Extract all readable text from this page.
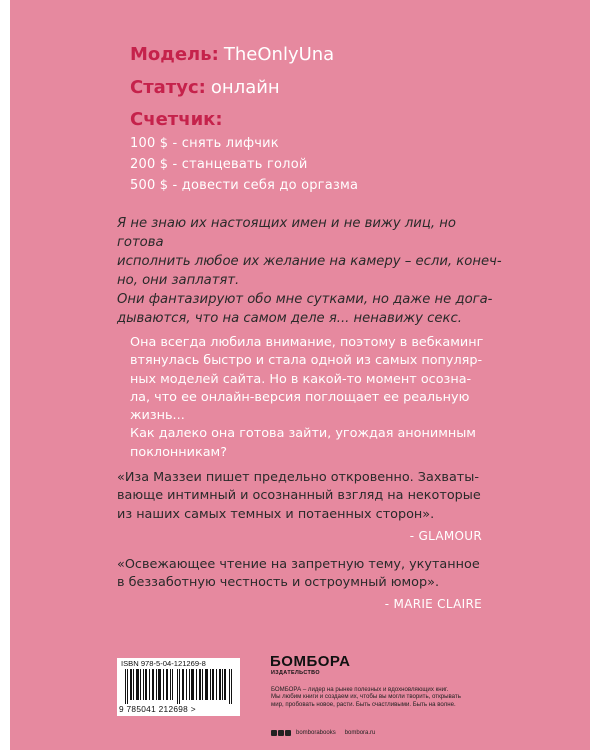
Модель: TheOnlyUna
Статус: онлайн
Счетчик:
100 $ - снять лифчик
200 $ - станцевать голой
500 $ - довести себя до оргазма

Я не знаю их настоящих имен и не вижу лиц, но готова

исполнить любое их желание на камеру – если, конеч-

но, они заплатят.

Они фантазируют обо мне сутками, но даже не дога-

дываются, что на самом деле я... ненавижу секс.

Она всегда любила внимание, поэтому в вебкаминг

втянулась быстро и стала одной из самых популяр-

ных моделей сайта. Но в какой-то момент осозна-

ла, что ее онлайн-версия поглощает ее реальную

жизнь...

Как далеко она готова зайти, угождая анонимным

поклонникам?

«Иза Маззеи пишет предельно откровенно. Захваты-
вающе интимный и осознанный взгляд на некоторые
из наших самых темных и потаенных сторон».
- GLAMOUR
«Освежающее чтение на запретную тему, укутанное
в беззаботную честность и остроумный юмор».
- MARIE CLAIRE
ISBN 978-5-04-121269-8
9 785041 212698 >
БОМБОРА
ИЗДАТЕЛЬСТВО

БОМБОРА – лидер на рынке полезных и вдохновляющих книг.

Мы любим книги и создаем их, чтобы вы могли творить, открывать

мир, пробовать новое, расти. Быть счастливыми. Быть на волне.

bomborabooks bombora.ru
